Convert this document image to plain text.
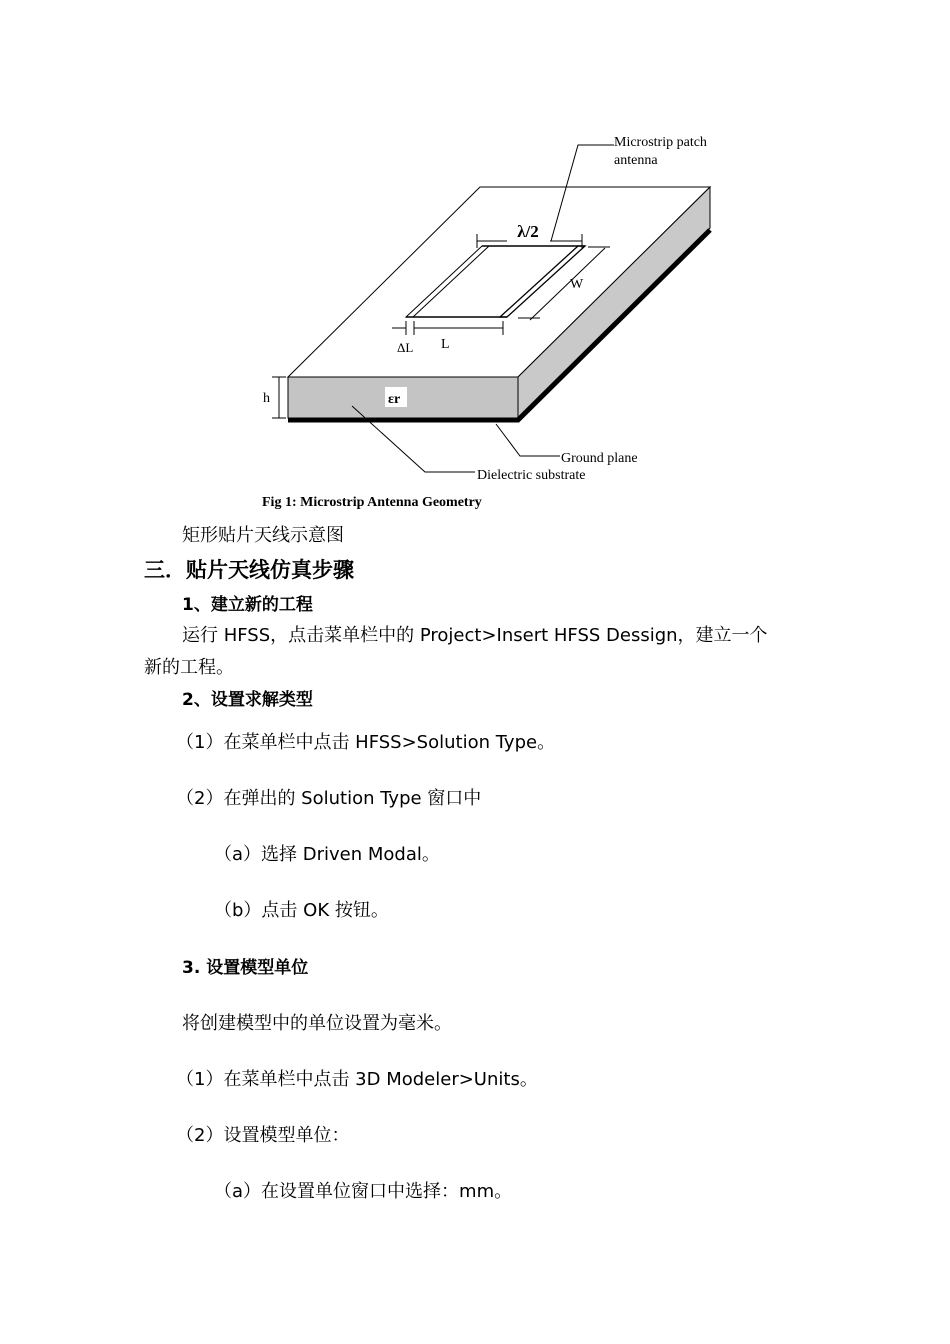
λ/2
W
L
ΔL
h	εr
Microstrip patch
antenna
Ground plane
Dielectric substrate
Fig 1: Microstrip Antenna Geometry
矩形贴片天线示意图
三．贴片天线仿真步骤
1、建立新的工程
运行 HFSS，点击菜单栏中的 Project>Insert HFSS Dessign，建立一个
新的工程。
2、设置求解类型
（1）在菜单栏中点击 HFSS>Solution Type。
（2）在弹出的 Solution Type 窗口中
（a）选择 Driven Modal。
（b）点击 OK 按钮。
3. 设置模型单位
将创建模型中的单位设置为毫米。
（1）在菜单栏中点击 3D Modeler>Units。
（2）设置模型单位：
（a）在设置单位窗口中选择：mm。
